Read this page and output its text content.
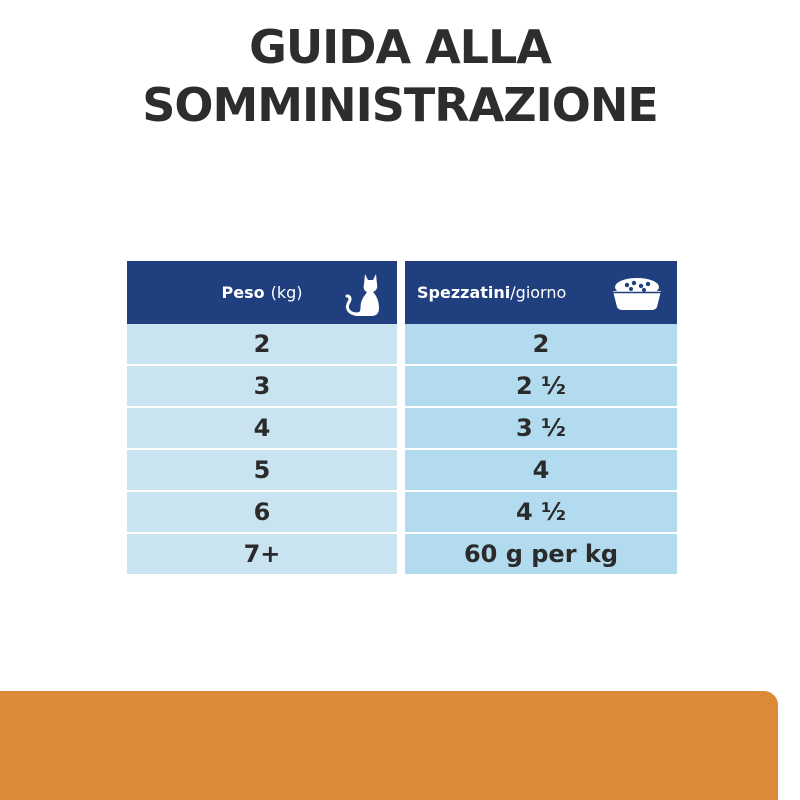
GUIDA ALLA
SOMMINISTRAZIONE
Peso (kg)	Spezzatini /giorno
2	2
3	2 ½
4	3 ½
5	4
6	4 ½
7+	60 g per kg
